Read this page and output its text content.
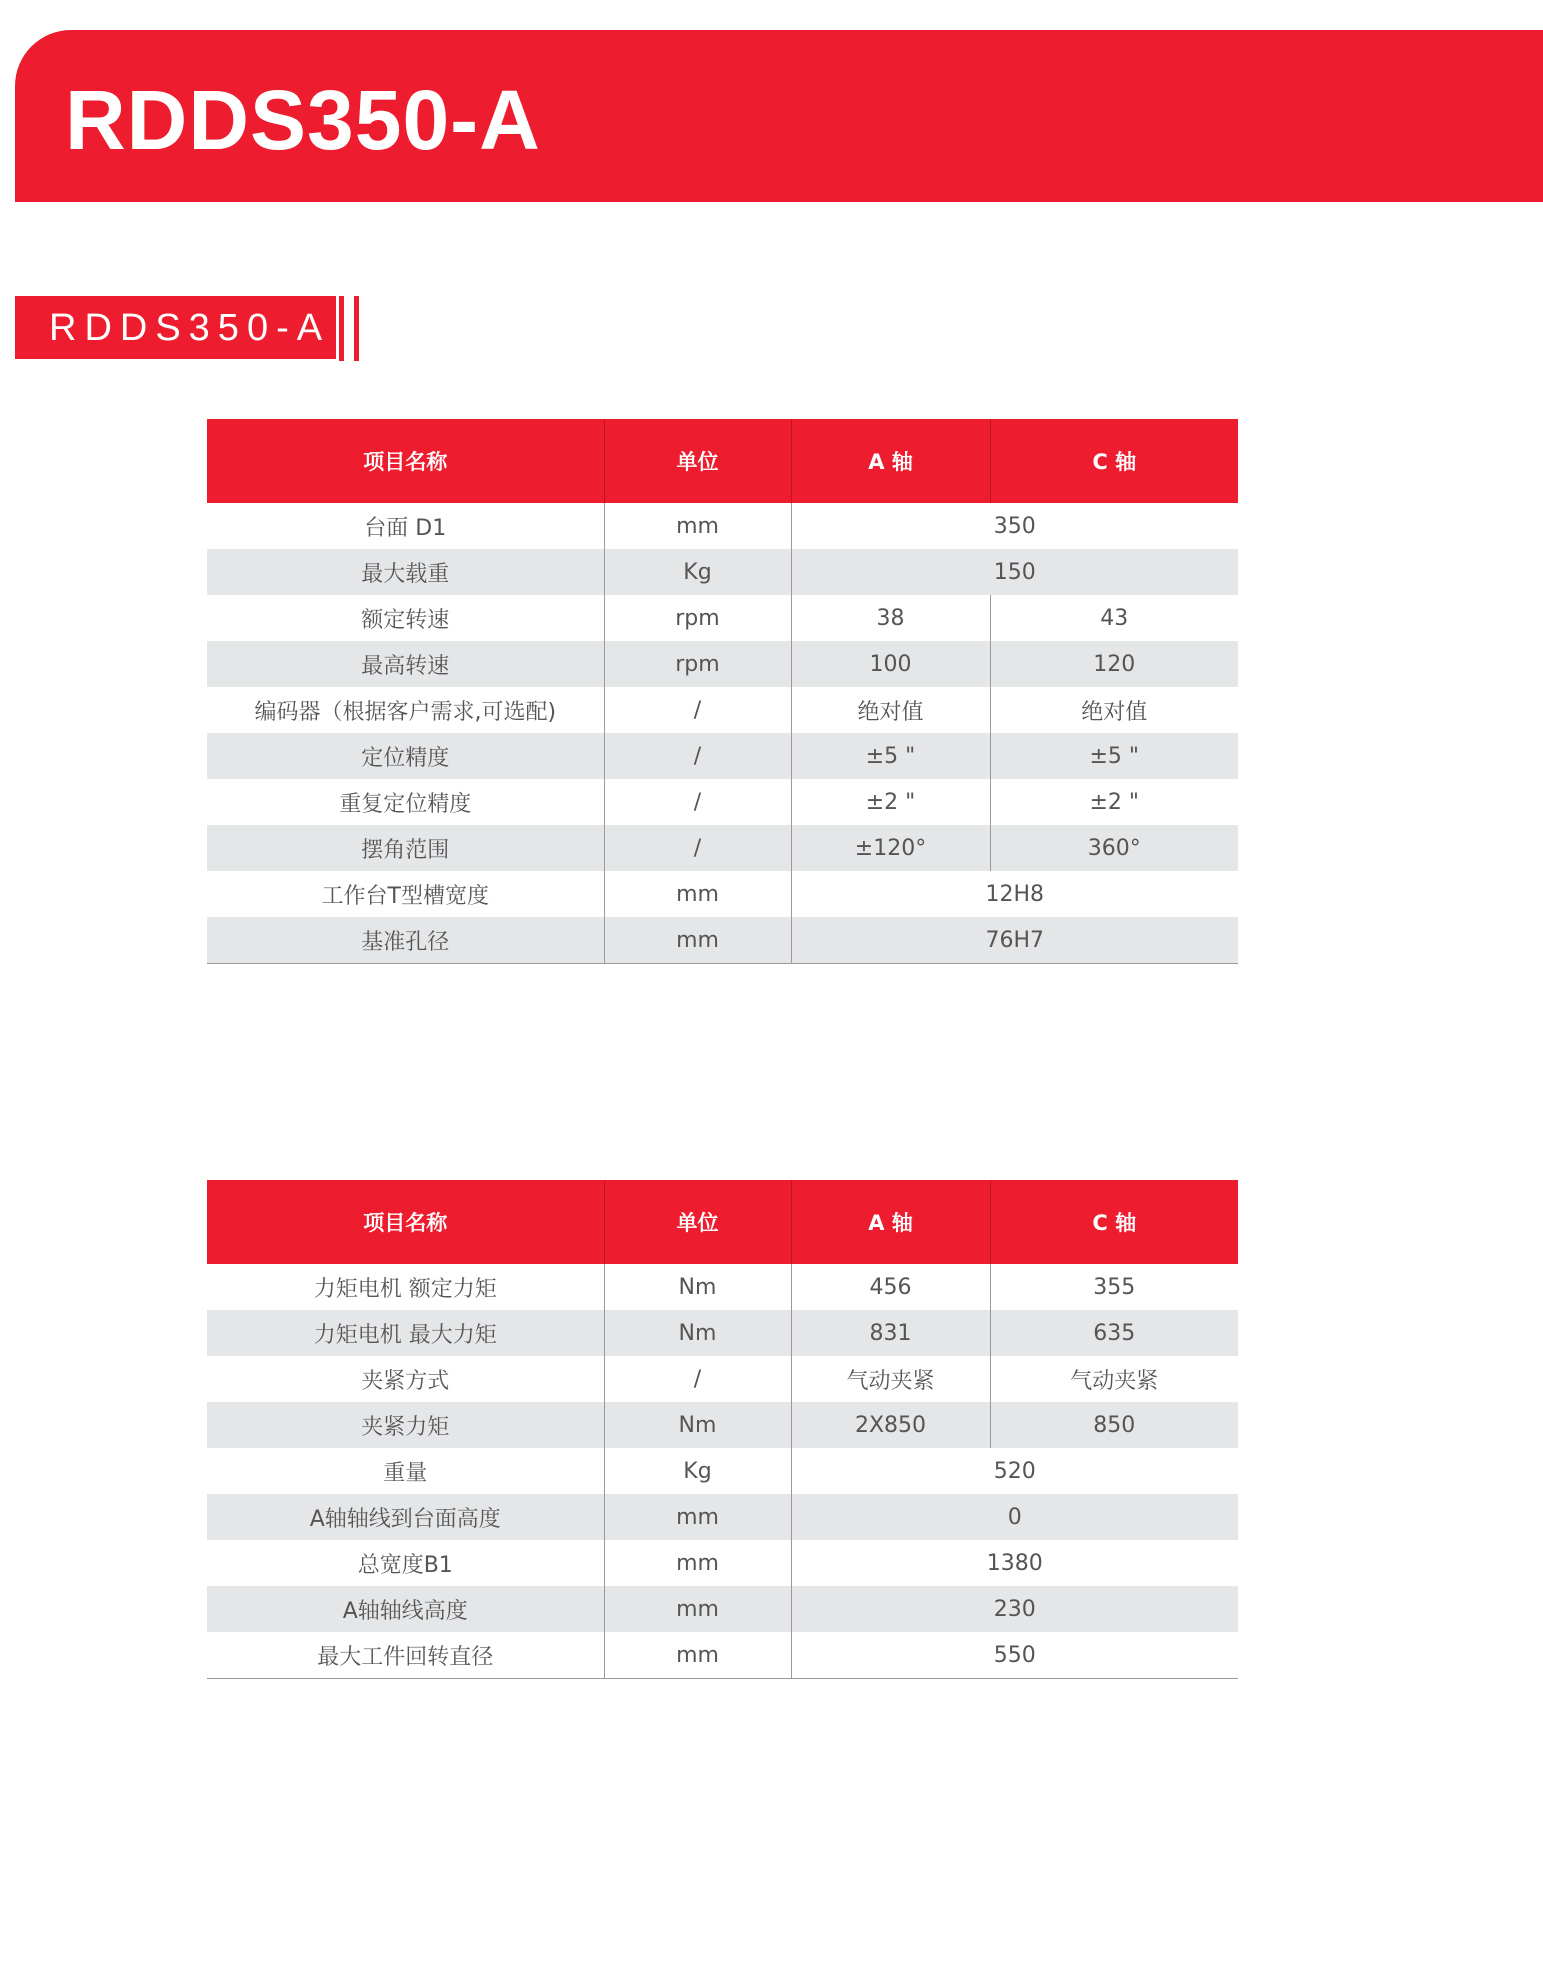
RDDS350-A
RDDS350-A
项目名称	单位	A 轴	C 轴
台面 D1	mm	350	
最大载重	Kg	150	
额定转速	rpm	38	43
最高转速	rpm	100	120
编码器（根据客户需求,可选配)	/	绝对值	绝对值
定位精度	/	±5 "	±5 "
重复定位精度	/	±2 "	±2 "
摆角范围	/	±120°	360°
工作台T型槽宽度	mm	12H8	
基准孔径	mm	76H7	
项目名称	单位	A 轴	C 轴
力矩电机 额定力矩	Nm	456	355
力矩电机 最大力矩	Nm	831	635
夹紧方式	/	气动夹紧	气动夹紧
夹紧力矩	Nm	2X850	850
重量	Kg	520	
A轴轴线到台面高度	mm	0	
总宽度B1	mm	1380	
A轴轴线高度	mm	230	
最大工件回转直径	mm	550	
